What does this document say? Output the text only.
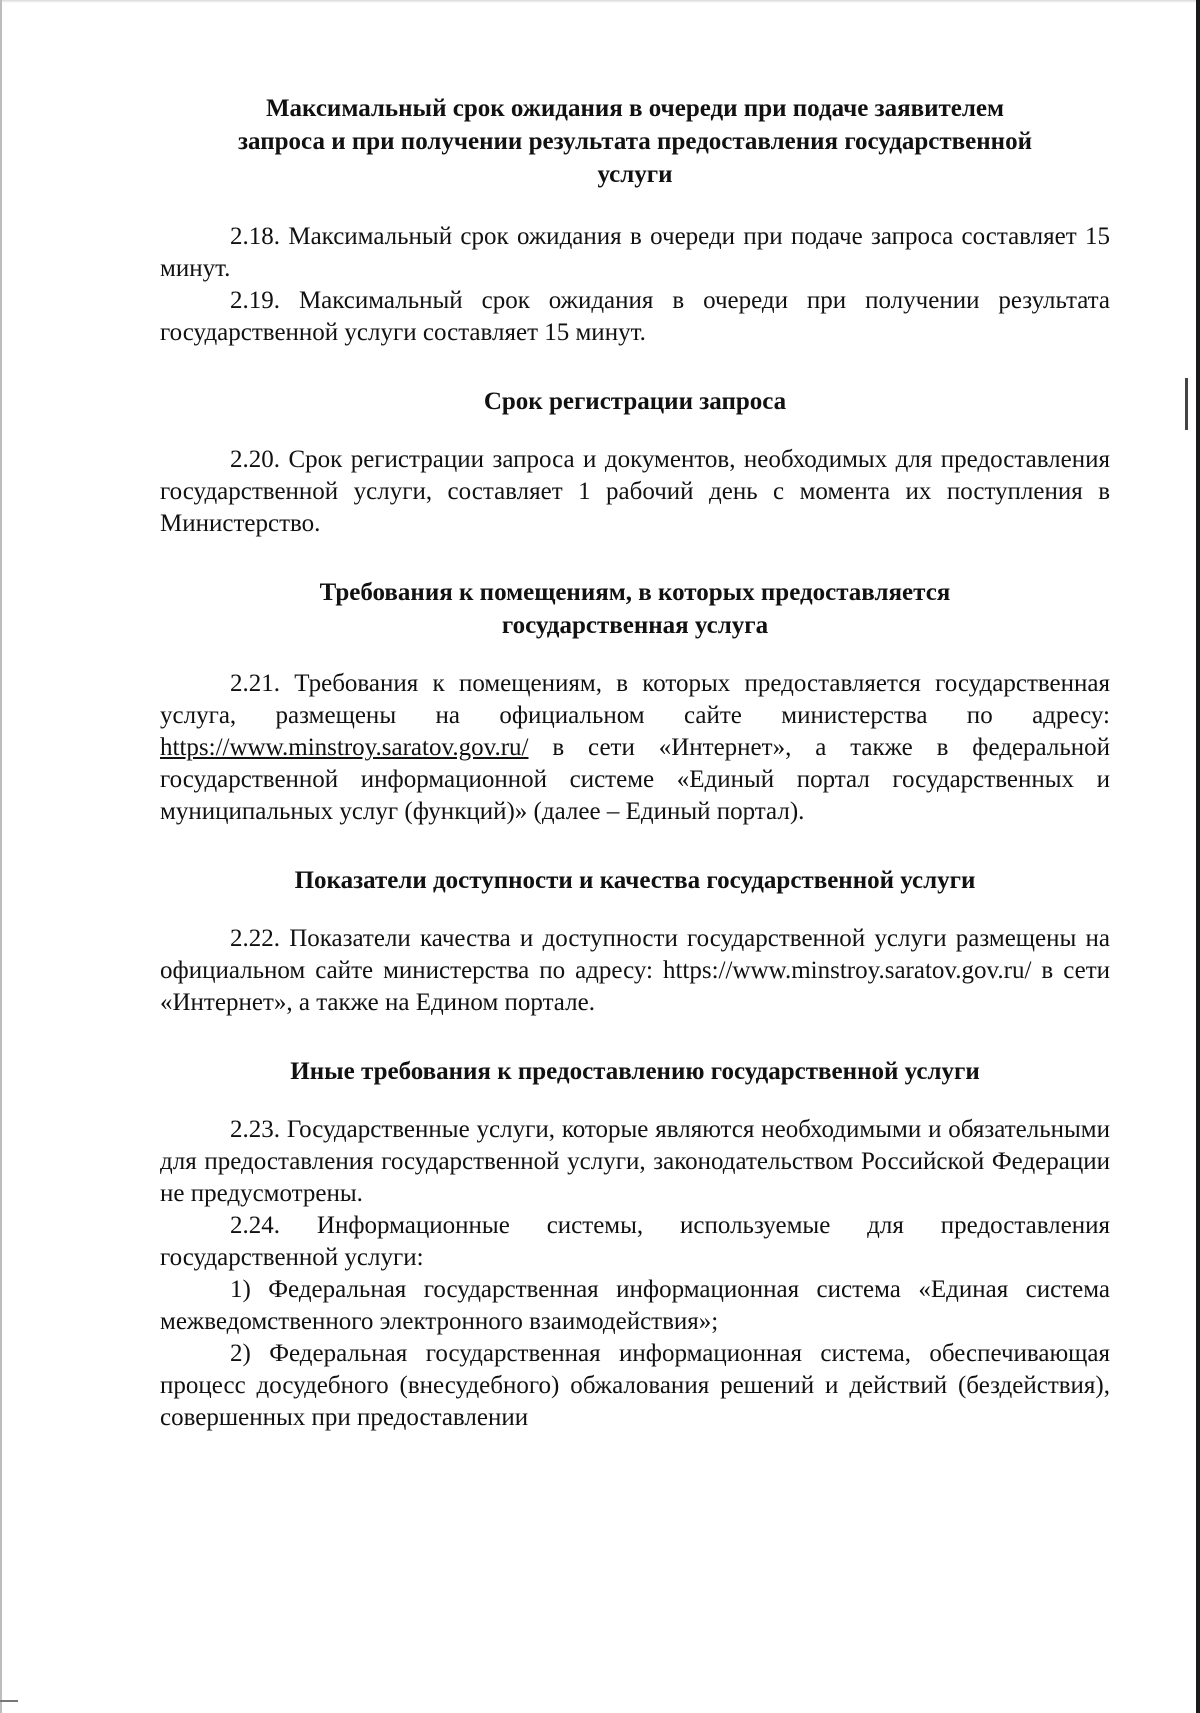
Максимальный срок ожидания в очереди при подаче заявителем
запроса и при получении результата предоставления государственной
услуги

2.18. Максимальный срок ожидания в очереди при подаче запроса составляет 15 минут.

2.19. Максимальный срок ожидания в очереди при получении результата государственной услуги составляет 15 минут.

Срок регистрации запроса

2.20. Срок регистрации запроса и документов, необходимых для предоставления государственной услуги, составляет 1 рабочий день с момента их поступления в Министерство.

Требования к помещениям, в которых предоставляется
государственная услуга

2.21. Требования к помещениям, в которых предоставляется государственная услуга, размещены на официальном сайте министерства по адресу: https://www.minstroy.saratov.gov.ru/ в сети «Интернет», а также в федеральной государственной информационной системе «Единый портал государственных и муниципальных услуг (функций)» (далее – Единый портал).

Показатели доступности и качества государственной услуги

2.22. Показатели качества и доступности государственной услуги размещены на официальном сайте министерства по адресу: https://www.minstroy.saratov.gov.ru/ в сети «Интернет», а также на Едином портале.

Иные требования к предоставлению государственной услуги

2.23. Государственные услуги, которые являются необходимыми и обязательными для предоставления государственной услуги, законодательством Российской Федерации не предусмотрены.

2.24. Информационные системы, используемые для предоставления государственной услуги:

1) Федеральная государственная информационная система «Единая система межведомственного электронного взаимодействия»;

2) Федеральная государственная информационная система, обеспечивающая процесс досудебного (внесудебного) обжалования решений и действий (бездействия), совершенных при предоставлении
